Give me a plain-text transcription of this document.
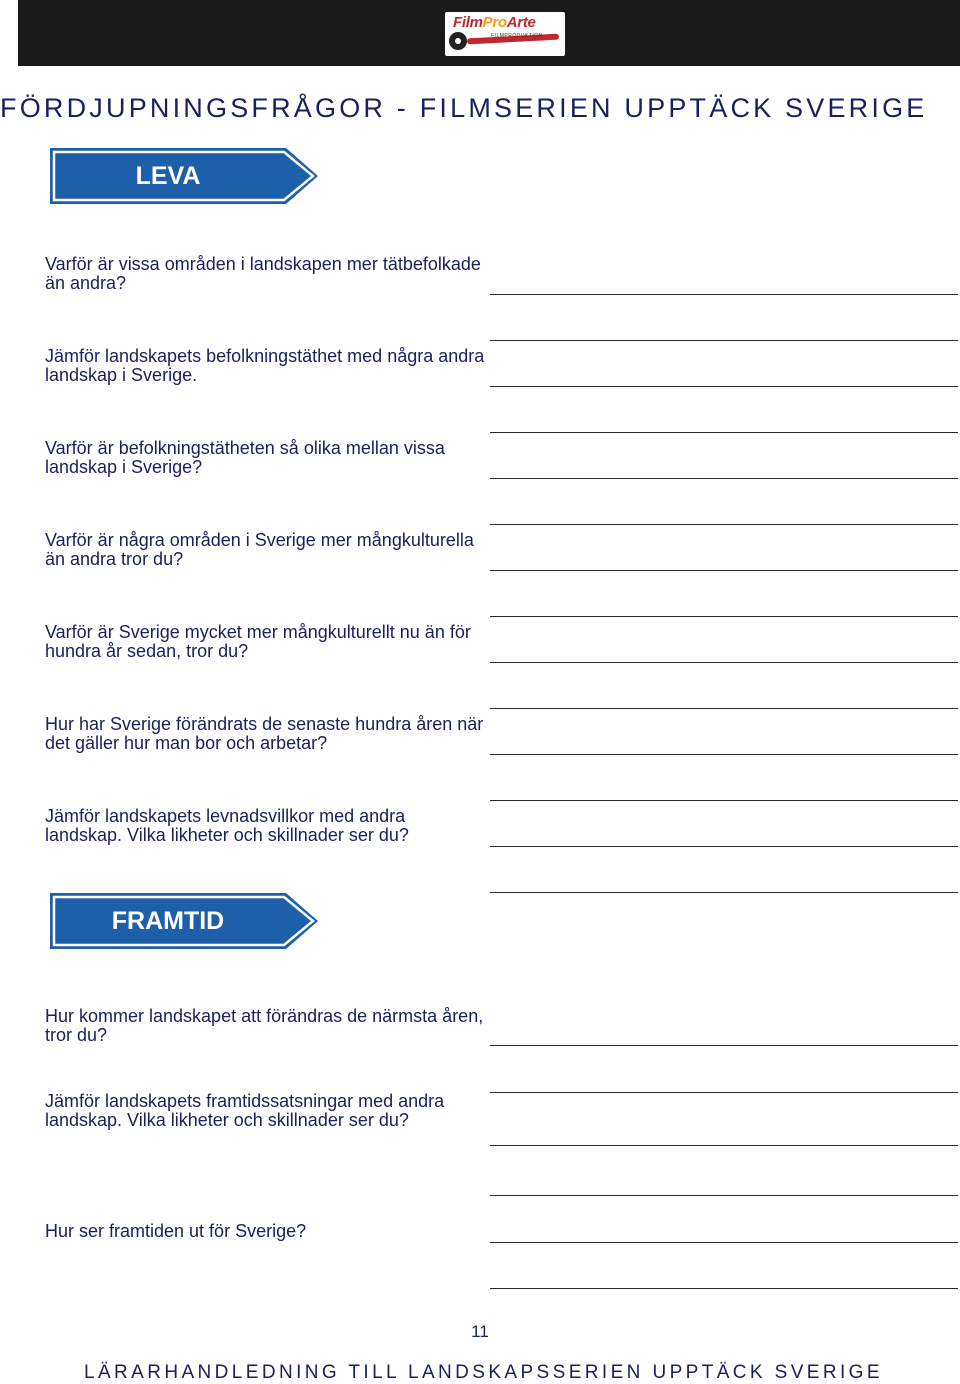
FilmProArte
FILMPRODUKTION
FÖRDJUPNINGSFRÅGOR - FILMSERIEN UPPTÄCK SVERIGE
LEVA
Varför är vissa områden i landskapen mer tätbefolkade än andra?
Jämför landskapets befolkningstäthet med några andra landskap i Sverige.
Varför är befolkningstätheten så olika mellan vissa landskap i Sverige?
Varför är några områden i Sverige mer mångkulturella än andra tror du?
Varför är Sverige mycket mer mångkulturellt nu än för hundra år sedan, tror du?
Hur har Sverige förändrats de senaste hundra åren när det gäller hur man bor och arbetar?
Jämför landskapets levnadsvillkor med andra landskap. Vilka likheter och skillnader ser du?
FRAMTID
Hur kommer landskapet att förändras de närmsta åren, tror du?
Jämför landskapets framtidssatsningar med andra landskap. Vilka likheter och skillnader ser du?
Hur ser framtiden ut för Sverige?
11
LÄRARHANDLEDNING TILL LANDSKAPSSERIEN UPPTÄCK SVERIGE
